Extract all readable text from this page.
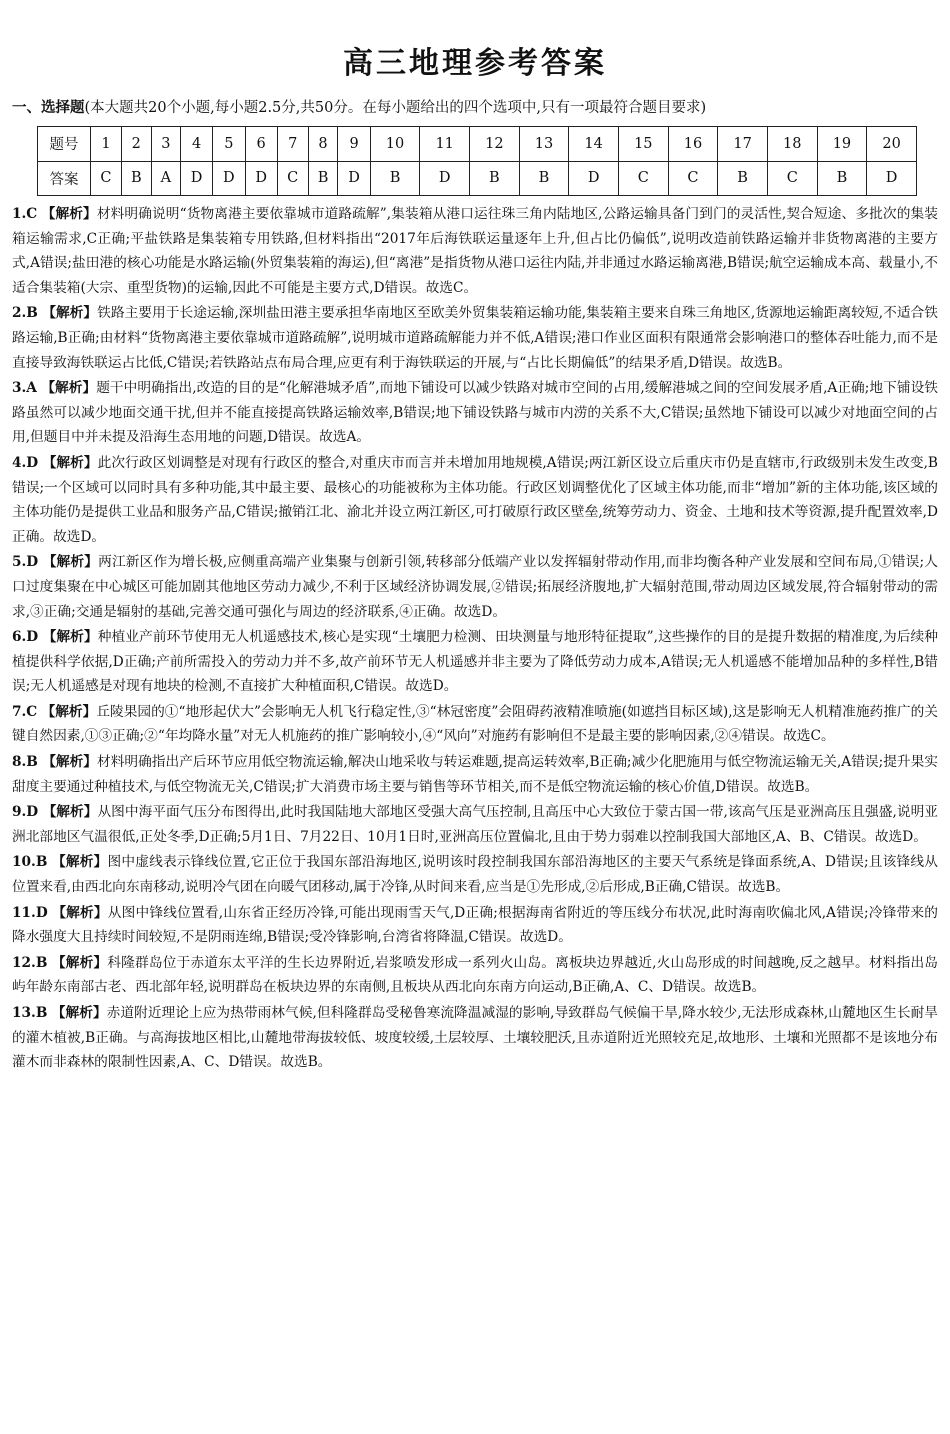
高三地理参考答案
一、选择题(本大题共20个小题,每小题2.5分,共50分。在每小题给出的四个选项中,只有一项最符合题目要求)
题号	1	2	3	4	5	6	7	8	9	10	11	12	13	14	15	16	17	18	19	20
答案	C	B	A	D	D	D	C	B	D	B	D	B	B	D	C	C	B	C	B	D
1.C 【解析】材料明确说明“货物离港主要依靠城市道路疏解”,集装箱从港口运往珠三角内陆地区,公路运输具备门到门的灵活性,契合短途、多批次的集装箱运输需求,C正确;平盐铁路是集装箱专用铁路,但材料指出“2017年后海铁联运量逐年上升,但占比仍偏低”,说明改造前铁路运输并非货物离港的主要方式,A错误;盐田港的核心功能是水路运输(外贸集装箱的海运),但“离港”是指货物从港口运往内陆,并非通过水路运输离港,B错误;航空运输成本高、载量小,不适合集装箱(大宗、重型货物)的运输,因此不可能是主要方式,D错误。故选C。
2.B 【解析】铁路主要用于长途运输,深圳盐田港主要承担华南地区至欧美外贸集装箱运输功能,集装箱主要来自珠三角地区,货源地运输距离较短,不适合铁路运输,B正确;由材料“货物离港主要依靠城市道路疏解”,说明城市道路疏解能力并不低,A错误;港口作业区面积有限通常会影响港口的整体吞吐能力,而不是直接导致海铁联运占比低,C错误;若铁路站点布局合理,应更有利于海铁联运的开展,与“占比长期偏低”的结果矛盾,D错误。故选B。
3.A 【解析】题干中明确指出,改造的目的是“化解港城矛盾”,而地下铺设可以减少铁路对城市空间的占用,缓解港城之间的空间发展矛盾,A正确;地下铺设铁路虽然可以减少地面交通干扰,但并不能直接提高铁路运输效率,B错误;地下铺设铁路与城市内涝的关系不大,C错误;虽然地下铺设可以减少对地面空间的占用,但题目中并未提及沿海生态用地的问题,D错误。故选A。
4.D 【解析】此次行政区划调整是对现有行政区的整合,对重庆市而言并未增加用地规模,A错误;两江新区设立后重庆市仍是直辖市,行政级别未发生改变,B错误;一个区域可以同时具有多种功能,其中最主要、最核心的功能被称为主体功能。行政区划调整优化了区域主体功能,而非“增加”新的主体功能,该区域的主体功能仍是提供工业品和服务产品,C错误;撤销江北、渝北并设立两江新区,可打破原行政区壁垒,统筹劳动力、资金、土地和技术等资源,提升配置效率,D正确。故选D。
5.D 【解析】两江新区作为增长极,应侧重高端产业集聚与创新引领,转移部分低端产业以发挥辐射带动作用,而非均衡各种产业发展和空间布局,①错误;人口过度集聚在中心城区可能加剧其他地区劳动力减少,不利于区域经济协调发展,②错误;拓展经济腹地,扩大辐射范围,带动周边区域发展,符合辐射带动的需求,③正确;交通是辐射的基础,完善交通可强化与周边的经济联系,④正确。故选D。
6.D 【解析】种植业产前环节使用无人机遥感技术,核心是实现“土壤肥力检测、田块测量与地形特征提取”,这些操作的目的是提升数据的精准度,为后续种植提供科学依据,D正确;产前所需投入的劳动力并不多,故产前环节无人机遥感并非主要为了降低劳动力成本,A错误;无人机遥感不能增加品种的多样性,B错误;无人机遥感是对现有地块的检测,不直接扩大种植面积,C错误。故选D。
7.C 【解析】丘陵果园的①“地形起伏大”会影响无人机飞行稳定性,③“林冠密度”会阻碍药液精准喷施(如遮挡目标区域),这是影响无人机精准施药推广的关键自然因素,①③正确;②“年均降水量”对无人机施药的推广影响较小,④“风向”对施药有影响但不是最主要的影响因素,②④错误。故选C。
8.B 【解析】材料明确指出产后环节应用低空物流运输,解决山地采收与转运难题,提高运转效率,B正确;减少化肥施用与低空物流运输无关,A错误;提升果实甜度主要通过种植技术,与低空物流无关,C错误;扩大消费市场主要与销售等环节相关,而不是低空物流运输的核心价值,D错误。故选B。
9.D 【解析】从图中海平面气压分布图得出,此时我国陆地大部地区受强大高气压控制,且高压中心大致位于蒙古国一带,该高气压是亚洲高压且强盛,说明亚洲北部地区气温很低,正处冬季,D正确;5月1日、7月22日、10月1日时,亚洲高压位置偏北,且由于势力弱难以控制我国大部地区,A、B、C错误。故选D。
10.B 【解析】图中虚线表示锋线位置,它正位于我国东部沿海地区,说明该时段控制我国东部沿海地区的主要天气系统是锋面系统,A、D错误;且该锋线从位置来看,由西北向东南移动,说明冷气团在向暖气团移动,属于冷锋,从时间来看,应当是①先形成,②后形成,B正确,C错误。故选B。
11.D 【解析】从图中锋线位置看,山东省正经历冷锋,可能出现雨雪天气,D正确;根据海南省附近的等压线分布状况,此时海南吹偏北风,A错误;冷锋带来的降水强度大且持续时间较短,不是阴雨连绵,B错误;受冷锋影响,台湾省将降温,C错误。故选D。
12.B 【解析】科隆群岛位于赤道东太平洋的生长边界附近,岩浆喷发形成一系列火山岛。离板块边界越近,火山岛形成的时间越晚,反之越早。材料指出岛屿年龄东南部古老、西北部年轻,说明群岛在板块边界的东南侧,且板块从西北向东南方向运动,B正确,A、C、D错误。故选B。
13.B 【解析】赤道附近理论上应为热带雨林气候,但科隆群岛受秘鲁寒流降温减湿的影响,导致群岛气候偏干旱,降水较少,无法形成森林,山麓地区生长耐旱的灌木植被,B正确。与高海拔地区相比,山麓地带海拔较低、坡度较缓,土层较厚、土壤较肥沃,且赤道附近光照较充足,故地形、土壤和光照都不是该地分布灌木而非森林的限制性因素,A、C、D错误。故选B。
